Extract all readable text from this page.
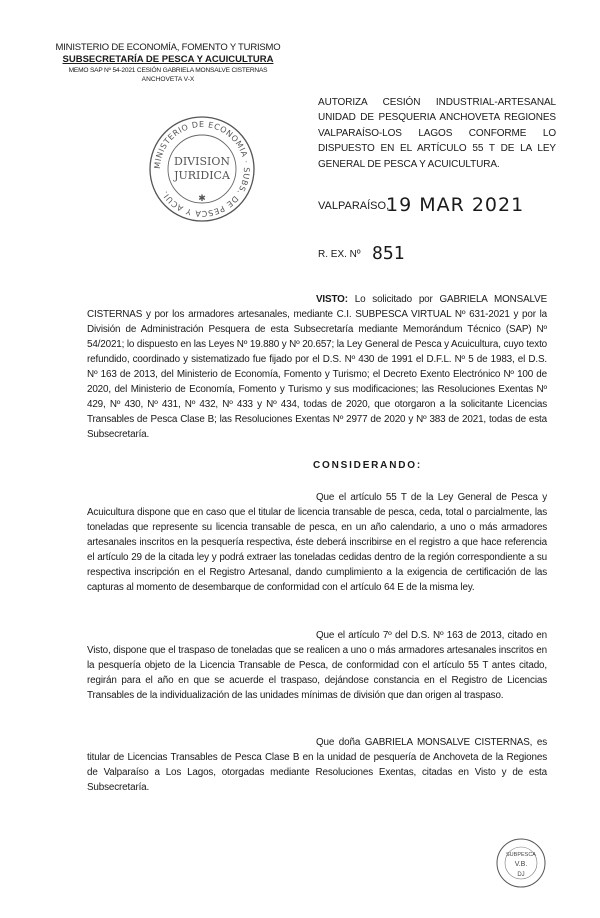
MINISTERIO DE ECONOMÍA, FOMENTO Y TURISMO
SUBSECRETARÍA DE PESCA Y ACUICULTURA
MEMO SAP Nº 54-2021 CESIÓN GABRIELA MONSALVE CISTERNAS
ANCHOVETA V-X
MINISTERIO DE ECONOMIA · SUBS. DE PESCA Y ACUI.
DIVISION
JURIDICA
✱
AUTORIZA CESIÓN INDUSTRIAL-ARTESANAL UNIDAD DE PESQUERIA ANCHOVETA REGIONES VALPARAÍSO-LOS LAGOS CONFORME LO DISPUESTO EN EL ARTÍCULO 55 T DE LA LEY GENERAL DE PESCA Y ACUICULTURA.
VALPARAÍSO,
19 MAR 2021
R. EX. Nº 851
VISTO: Lo solicitado por GABRIELA MONSALVE CISTERNAS y por los armadores artesanales, mediante C.I. SUBPESCA VIRTUAL Nº 631-2021 y por la División de Administración Pesquera de esta Subsecretaría mediante Memorándum Técnico (SAP) Nº 54/2021; lo dispuesto en las Leyes Nº 19.880 y Nº 20.657; la Ley General de Pesca y Acuicultura, cuyo texto refundido, coordinado y sistematizado fue fijado por el D.S. Nº 430 de 1991 el D.F.L. Nº 5 de 1983, el D.S. Nº 163 de 2013, del Ministerio de Economía, Fomento y Turismo; el Decreto Exento Electrónico Nº 100 de 2020, del Ministerio de Economía, Fomento y Turismo y sus modificaciones; las Resoluciones Exentas Nº 429, Nº 430, Nº 431, Nº 432, Nº 433 y Nº 434, todas de 2020, que otorgaron a la solicitante Licencias Transables de Pesca Clase B; las Resoluciones Exentas Nº 2977 de 2020 y Nº 383 de 2021, todas de esta Subsecretaría.
CONSIDERANDO:
Que el artículo 55 T de la Ley General de Pesca y Acuicultura dispone que en caso que el titular de licencia transable de pesca, ceda, total o parcialmente, las toneladas que represente su licencia transable de pesca, en un año calendario, a uno o más armadores artesanales inscritos en la pesquería respectiva, éste deberá inscribirse en el registro a que hace referencia el artículo 29 de la citada ley y podrá extraer las toneladas cedidas dentro de la región correspondiente a su respectiva inscripción en el Registro Artesanal, dando cumplimiento a la exigencia de certificación de las capturas al momento de desembarque de conformidad con el artículo 64 E de la misma ley.
Que el artículo 7º del D.S. Nº 163 de 2013, citado en Visto, dispone que el traspaso de toneladas que se realicen a uno o más armadores artesanales inscritos en la pesquería objeto de la Licencia Transable de Pesca, de conformidad con el artículo 55 T antes citado, regirán para el año en que se acuerde el traspaso, dejándose constancia en el Registro de Licencias Transables de la individualización de las unidades mínimas de división que dan origen al traspaso.
Que doña GABRIELA MONSALVE CISTERNAS, es titular de Licencias Transables de Pesca Clase B en la unidad de pesquería de Anchoveta de la Regiones de Valparaíso a Los Lagos, otorgadas mediante Resoluciones Exentas, citadas en Visto y de esta Subsecretaría.
SUBPESCA
V.B.
DJ
